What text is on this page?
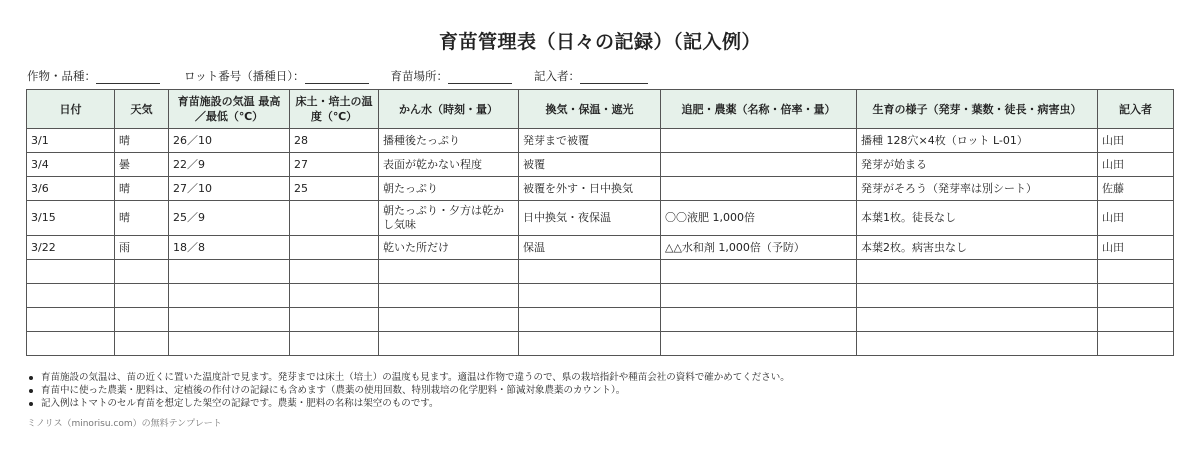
育苗管理表（日々の記録）（記入例）
作物・品種：	ロット番号（播種日）：	育苗場所：	記入者：
日付	天気	育苗施設の気温 最高／最低（℃）	床土・培土の温度（℃）	かん水（時刻・量）	換気・保温・遮光	追肥・農薬（名称・倍率・量）	生育の様子（発芽・葉数・徒長・病害虫）	記入者
3/1	晴	26／10	28	播種後たっぷり	発芽まで被覆		播種 128穴×4枚（ロット L-01）	山田
3/4	曇	22／9	27	表面が乾かない程度	被覆		発芽が始まる	山田
3/6	晴	27／10	25	朝たっぷり	被覆を外す・日中換気		発芽がそろう（発芽率は別シート）	佐藤
3/15	晴	25／9		朝たっぷり・夕方は乾かし気味	日中換気・夜保温	〇〇液肥 1,000倍	本葉1枚。徒長なし	山田
3/22	雨	18／8		乾いた所だけ	保温	△△水和剤 1,000倍（予防）	本葉2枚。病害虫なし	山田

育苗施設の気温は、苗の近くに置いた温度計で見ます。発芽までは床土（培土）の温度も見ます。適温は作物で違うので、県の栽培指針や種苗会社の資料で確かめてください。
育苗中に使った農薬・肥料は、定植後の作付けの記録にも含めます（農薬の使用回数、特別栽培の化学肥料・節減対象農薬のカウント）。
記入例はトマトのセル育苗を想定した架空の記録です。農薬・肥料の名称は架空のものです。
ミノリス（minorisu.com）の無料テンプレート
